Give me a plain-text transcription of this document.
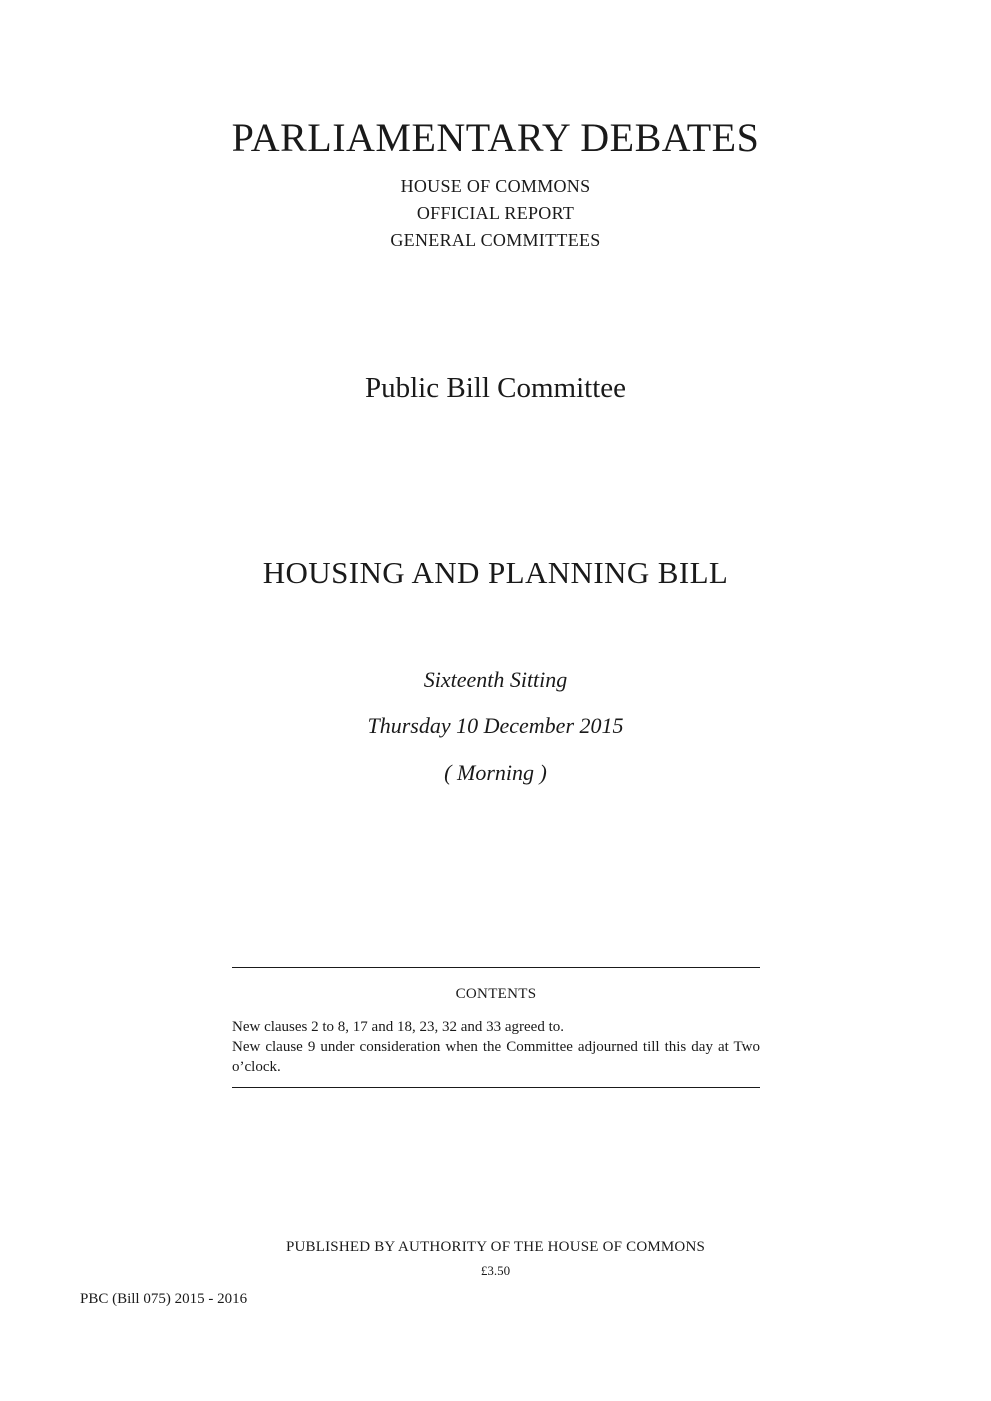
PARLIAMENTARY DEBATES
HOUSE OF COMMONS
OFFICIAL REPORT
GENERAL COMMITTEES
Public Bill Committee
HOUSING AND PLANNING BILL
Sixteenth Sitting
Thursday 10 December 2015
( Morning )
CONTENTS
New clauses 2 to 8, 17 and 18, 23, 32 and 33 agreed to.
New clause 9 under consideration when the Committee adjourned till this day at Two o’clock.
PUBLISHED BY AUTHORITY OF THE HOUSE OF COMMONS
£3.50
PBC (Bill 075) 2015 - 2016
